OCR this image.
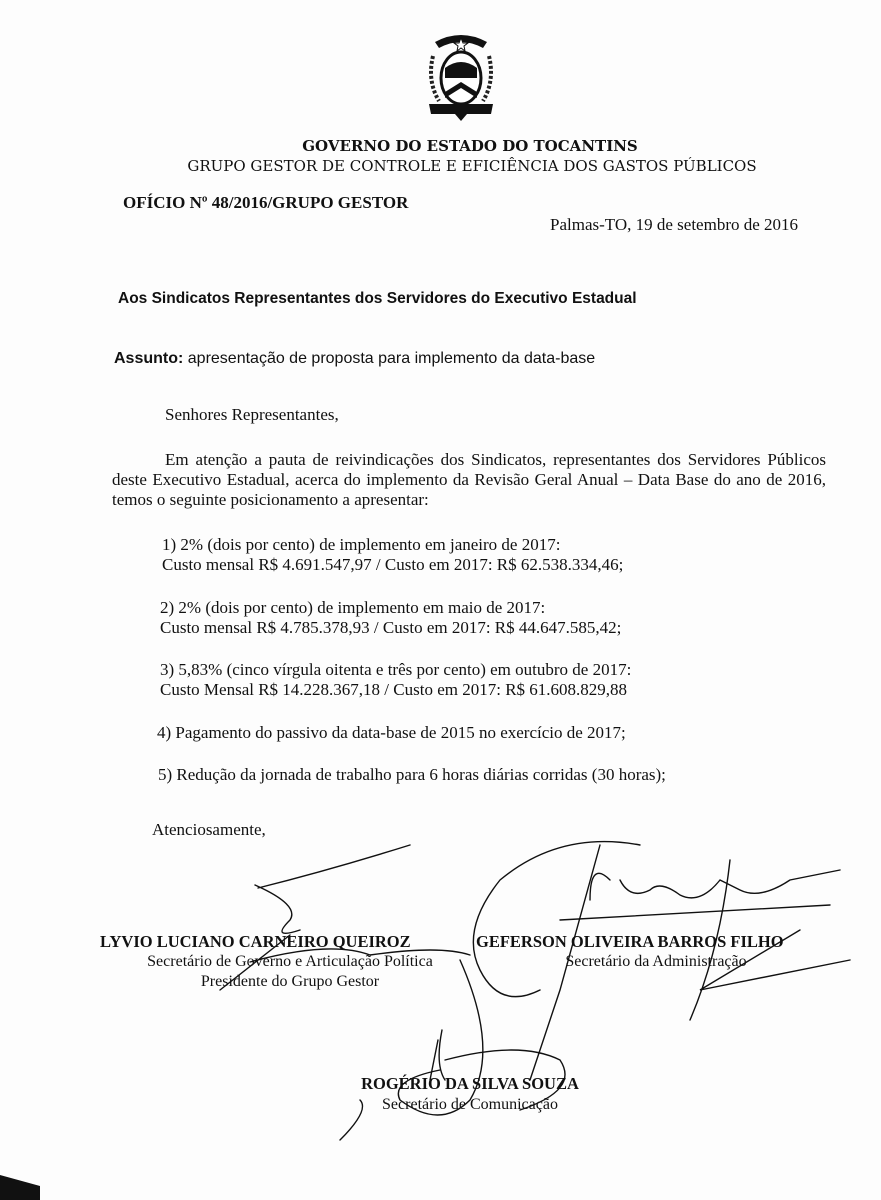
GOVERNO DO ESTADO DO TOCANTINS
GRUPO GESTOR DE CONTROLE E EFICIÊNCIA DOS GASTOS PÚBLICOS
OFÍCIO Nº 48/2016/GRUPO GESTOR
Palmas-TO, 19 de setembro de 2016
Aos Sindicatos Representantes dos Servidores do Executivo Estadual
Assunto: apresentação de proposta para implemento da data-base
Senhores Representantes,
Em atenção a pauta de reivindicações dos Sindicatos, representantes dos Servidores Públicos deste Executivo Estadual, acerca do implemento da Revisão Geral Anual – Data Base do ano de 2016, temos o seguinte posicionamento a apresentar:
1) 2% (dois por cento) de implemento em janeiro de 2017:
Custo mensal R$ 4.691.547,97 / Custo em 2017: R$ 62.538.334,46;
2) 2% (dois por cento) de implemento em maio de 2017:
Custo mensal R$ 4.785.378,93 / Custo em 2017: R$ 44.647.585,42;
3) 5,83% (cinco vírgula oitenta e três por cento) em outubro de 2017:
Custo Mensal R$ 14.228.367,18 / Custo em 2017: R$ 61.608.829,88
4) Pagamento do passivo da data-base de 2015 no exercício de 2017;
5) Redução da jornada de trabalho para 6 horas diárias corridas (30 horas);
Atenciosamente,
LYVIO LUCIANO CARNEIRO QUEIROZ
Secretário de Governo e Articulação Política
Presidente do Grupo Gestor
GEFERSON OLIVEIRA BARROS FILHO
Secretário da Administração
ROGÉRIO DA SILVA SOUZA
Secretário de Comunicação
